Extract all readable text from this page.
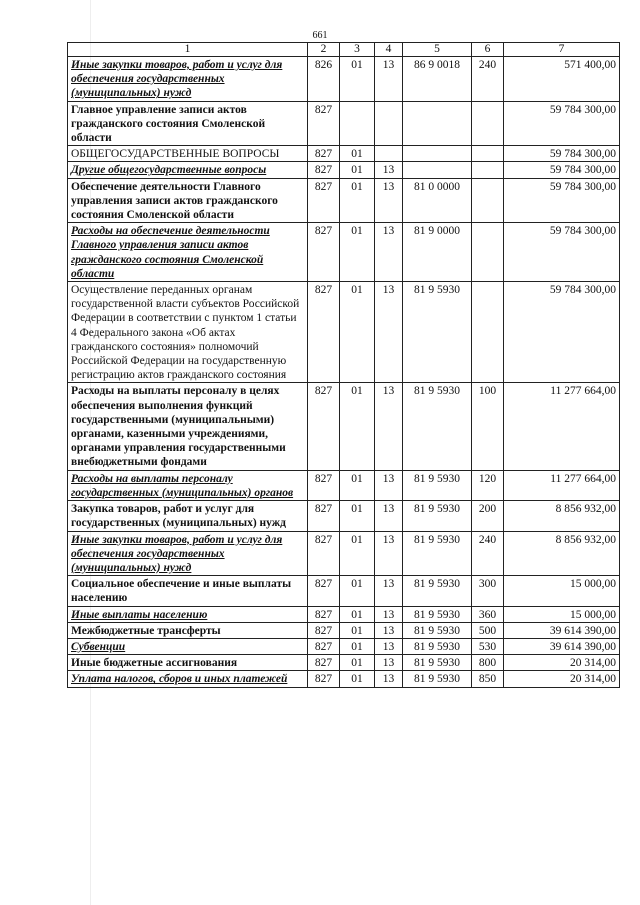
661
1	2	3	4	5	6	7
Иные закупки товаров, работ и услуг для обеспечения государственных (муниципальных) нужд	826	01	13	86 9 0018	240	571 400,00
Главное управление записи актов гражданского состояния Смоленской области	827					59 784 300,00
ОБЩЕГОСУДАРСТВЕННЫЕ ВОПРОСЫ	827	01				59 784 300,00
Другие общегосударственные вопросы	827	01	13			59 784 300,00
Обеспечение деятельности Главного управления записи актов гражданского состояния Смоленской области	827	01	13	81 0 0000		59 784 300,00
Расходы на обеспечение деятельности Главного управления записи актов гражданского состояния Смоленской области	827	01	13	81 9 0000		59 784 300,00
Осуществление переданных органам государственной власти субъектов Российской Федерации в соответствии с пунктом 1 статьи 4 Федерального закона «Об актах гражданского состояния» полномочий Российской Федерации на государственную регистрацию актов гражданского состояния	827	01	13	81 9 5930		59 784 300,00
Расходы на выплаты персоналу в целях обеспечения выполнения функций государственными (муниципальными) органами, казенными учреждениями, органами управления государственными внебюджетными фондами	827	01	13	81 9 5930	100	11 277 664,00
Расходы на выплаты персоналу государственных (муниципальных) органов	827	01	13	81 9 5930	120	11 277 664,00
Закупка товаров, работ и услуг для государственных (муниципальных) нужд	827	01	13	81 9 5930	200	8 856 932,00
Иные закупки товаров, работ и услуг для обеспечения государственных (муниципальных) нужд	827	01	13	81 9 5930	240	8 856 932,00
Социальное обеспечение и иные выплаты населению	827	01	13	81 9 5930	300	15 000,00
Иные выплаты населению	827	01	13	81 9 5930	360	15 000,00
Межбюджетные трансферты	827	01	13	81 9 5930	500	39 614 390,00
Субвенции	827	01	13	81 9 5930	530	39 614 390,00
Иные бюджетные ассигнования	827	01	13	81 9 5930	800	20 314,00
Уплата налогов, сборов и иных платежей	827	01	13	81 9 5930	850	20 314,00
